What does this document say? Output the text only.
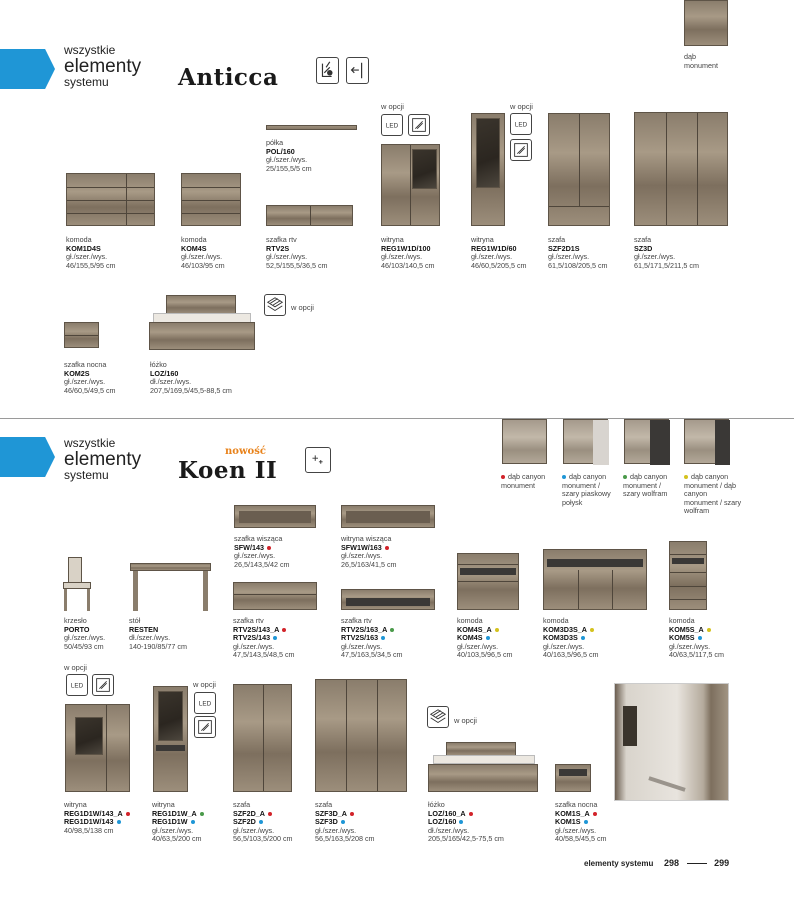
wszystkie
elementy
systemu	Anticca
dąb
monument
komoda
KOM1D4S
gł./szer./wys.
46/155,5/95 cm
komoda
KOM4S
gł./szer./wys.
46/103/95 cm
półka
POL/160
gł./szer./wys.
25/155,5/5 cm
szafka rtv
RTV2S
gł./szer./wys.
52,5/155,5/36,5 cm
w opcji
LED
witryna
REG1W1D/100
gł./szer./wys.
46/103/140,5 cm
w opcji
LED
witryna
REG1W1D/60
gł./szer./wys.
46/60,5/205,5 cm
szafa
SZF2D1S
gł./szer./wys.
61,5/108/205,5 cm
szafa
SZ3D
gł./szer./wys.
61,5/171,5/211,5 cm
szafka nocna
KOM2S
gł./szer./wys.
46/60,5/49,5 cm
w opcji
łóżko
LOZ/160
dł./szer./wys.
207,5/169,5/45,5-88,5 cm
wszystkie
elementy
systemu
nowość
Koen II	dąb canyon monument
dąb canyon monument / szary piaskowy połysk
dąb canyon monument / szary wolfram
dąb canyon monument / dąb canyon monument / szary wolfram
krzesło
PORTO
gł./szer./wys.
50/45/93 cm
stół
RESTEN
dł./szer./wys.
140-190/85/77 cm
szafka wisząca
SFW/143
gł./szer./wys.
26,5/143,5/42 cm
witryna wisząca
SFW1W/163
gł./szer./wys.
26,5/163/41,5 cm
szafka rtv
RTV2S/143_A
RTV2S/143
gł./szer./wys.
47,5/143,5/48,5 cm
szafka rtv
RTV2S/163_A
RTV2S/163
gł./szer./wys.
47,5/163,5/34,5 cm
komoda
KOM4S_A
KOM4S
gł./szer./wys.
40/103,5/96,5 cm
komoda
KOM3D3S_A
KOM3D3S
gł./szer./wys.
40/163,5/96,5 cm
komoda
KOM5S_A
KOM5S
gł./szer./wys.
40/63,5/117,5 cm
w opcji
LED
witryna
REG1D1W/143_A
REG1D1W/143
40/98,5/138 cm
w opcji
LED
witryna
REG1D1W_A
REG1D1W
gł./szer./wys.
40/63,5/200 cm
szafa
SZF2D_A
SZF2D
gł./szer./wys.
56,5/103,5/200 cm
szafa
SZF3D_A
SZF3D
gł./szer./wys.
56,5/163,5/208 cm
w opcji
łóżko
LOZ/160_A
LOZ/160
dł./szer./wys.
205,5/165/42,5-75,5 cm
szafka nocna
KOM1S_A
KOM1S
gł./szer./wys.
40/58,5/45,5 cm
elementy systemu 298	299
